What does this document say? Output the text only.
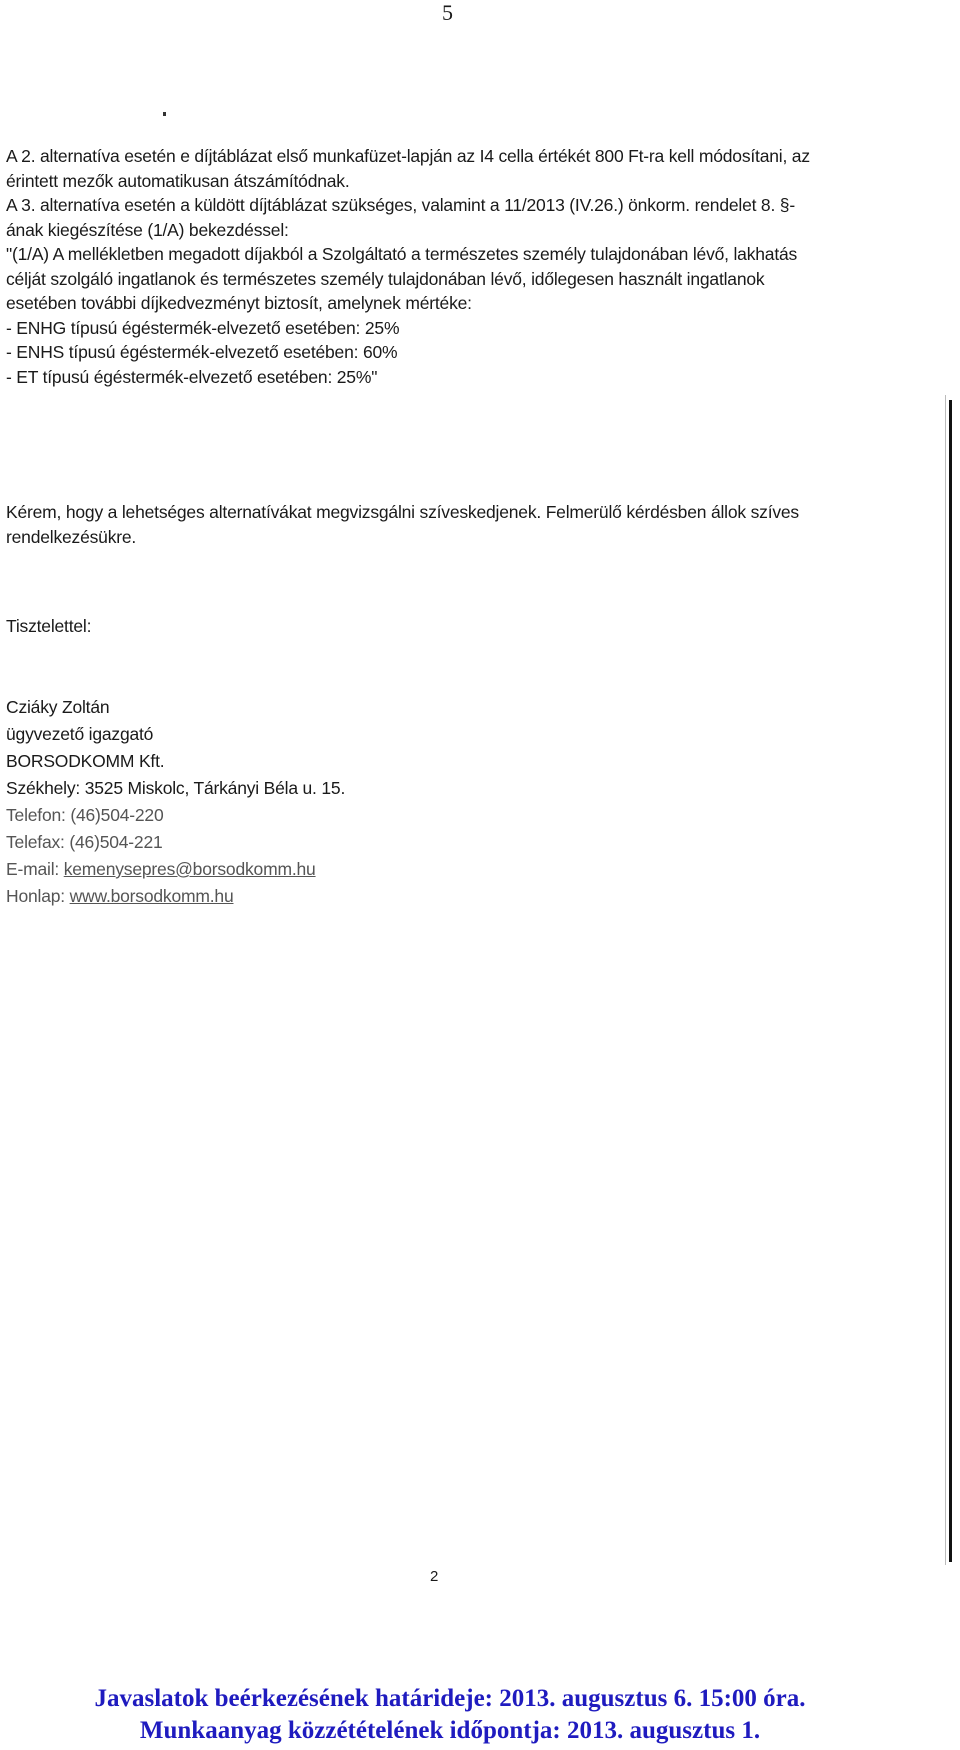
5

A 2. alternatíva esetén e díjtáblázat első munkafüzet-lapján az I4 cella értékét 800 Ft-ra kell módosítani, az

érintett mezők automatikusan átszámítódnak.

A 3. alternatíva esetén a küldött díjtáblázat szükséges, valamint a 11/2013 (IV.26.) önkorm. rendelet 8. §-

ának kiegészítése (1/A) bekezdéssel:

"(1/A) A mellékletben megadott díjakból a Szolgáltató a természetes személy tulajdonában lévő, lakhatás

célját szolgáló ingatlanok és természetes személy tulajdonában lévő, időlegesen használt ingatlanok

esetében további díjkedvezményt biztosít, amelynek mértéke:

- ENHG típusú égéstermék-elvezető esetében: 25%

- ENHS típusú égéstermék-elvezető esetében: 60%

- ET típusú égéstermék-elvezető esetében: 25%"

Kérem, hogy a lehetséges alternatívákat megvizsgálni szíveskedjenek. Felmerülő kérdésben állok szíves

rendelkezésükre.

Tisztelettel:

Cziáky Zoltán

ügyvezető igazgató

BORSODKOMM Kft.

Székhely: 3525 Miskolc, Tárkányi Béla u. 15.

Telefon: (46)504-220

Telefax: (46)504-221

E-mail: kemenysepres@borsodkomm.hu

Honlap: www.borsodkomm.hu

2
Javaslatok beérkezésének határideje: 2013. augusztus 6. 15:00 óra.
Munkaanyag közzétételének időpontja: 2013. augusztus 1.
